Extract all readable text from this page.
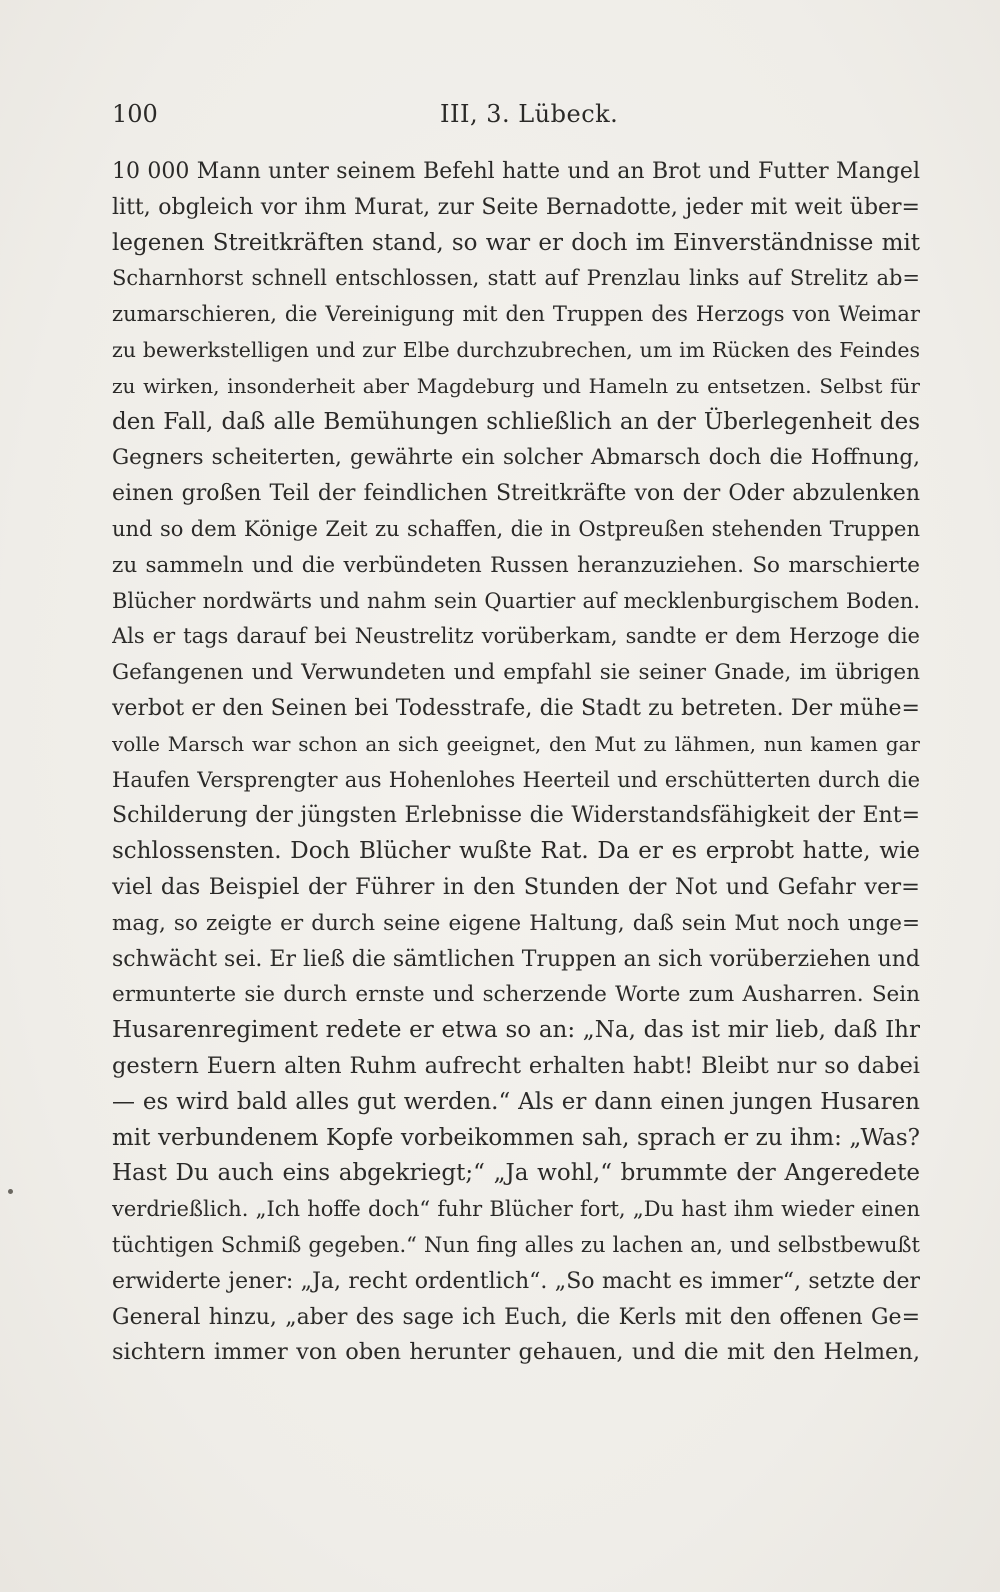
100	III, 3. Lübeck.
10 000 Mann unter seinem Befehl hatte und an Brot und Futter Mangel
litt, obgleich vor ihm Murat, zur Seite Bernadotte, jeder mit weit über=
legenen Streitkräften stand, so war er doch im Einverständnisse mit
Scharnhorst schnell entschlossen, statt auf Prenzlau links auf Strelitz ab=
zumarschieren, die Vereinigung mit den Truppen des Herzogs von Weimar
zu bewerkstelligen und zur Elbe durchzubrechen, um im Rücken des Feindes
zu wirken, insonderheit aber Magdeburg und Hameln zu entsetzen. Selbst für
den Fall, daß alle Bemühungen schließlich an der Überlegenheit des
Gegners scheiterten, gewährte ein solcher Abmarsch doch die Hoffnung,
einen großen Teil der feindlichen Streitkräfte von der Oder abzulenken
und so dem Könige Zeit zu schaffen, die in Ostpreußen stehenden Truppen
zu sammeln und die verbündeten Russen heranzuziehen. So marschierte
Blücher nordwärts und nahm sein Quartier auf mecklenburgischem Boden.
Als er tags darauf bei Neustrelitz vorüberkam, sandte er dem Herzoge die
Gefangenen und Verwundeten und empfahl sie seiner Gnade, im übrigen
verbot er den Seinen bei Todesstrafe, die Stadt zu betreten. Der mühe=
volle Marsch war schon an sich geeignet, den Mut zu lähmen, nun kamen gar
Haufen Versprengter aus Hohenlohes Heerteil und erschütterten durch die
Schilderung der jüngsten Erlebnisse die Widerstandsfähigkeit der Ent=
schlossensten. Doch Blücher wußte Rat. Da er es erprobt hatte, wie
viel das Beispiel der Führer in den Stunden der Not und Gefahr ver=
mag, so zeigte er durch seine eigene Haltung, daß sein Mut noch unge=
schwächt sei. Er ließ die sämtlichen Truppen an sich vorüberziehen und
ermunterte sie durch ernste und scherzende Worte zum Ausharren. Sein
Husarenregiment redete er etwa so an: „Na, das ist mir lieb, daß Ihr
gestern Euern alten Ruhm aufrecht erhalten habt! Bleibt nur so dabei
— es wird bald alles gut werden.“ Als er dann einen jungen Husaren
mit verbundenem Kopfe vorbeikommen sah, sprach er zu ihm: „Was?
Hast Du auch eins abgekriegt;“ „Ja wohl,“ brummte der Angeredete
verdrießlich. „Ich hoffe doch“ fuhr Blücher fort, „Du hast ihm wieder einen
tüchtigen Schmiß gegeben.“ Nun fing alles zu lachen an, und selbstbewußt
erwiderte jener: „Ja, recht ordentlich“. „So macht es immer“, setzte der
General hinzu, „aber des sage ich Euch, die Kerls mit den offenen Ge=
sichtern immer von oben herunter gehauen, und die mit den Helmen,
